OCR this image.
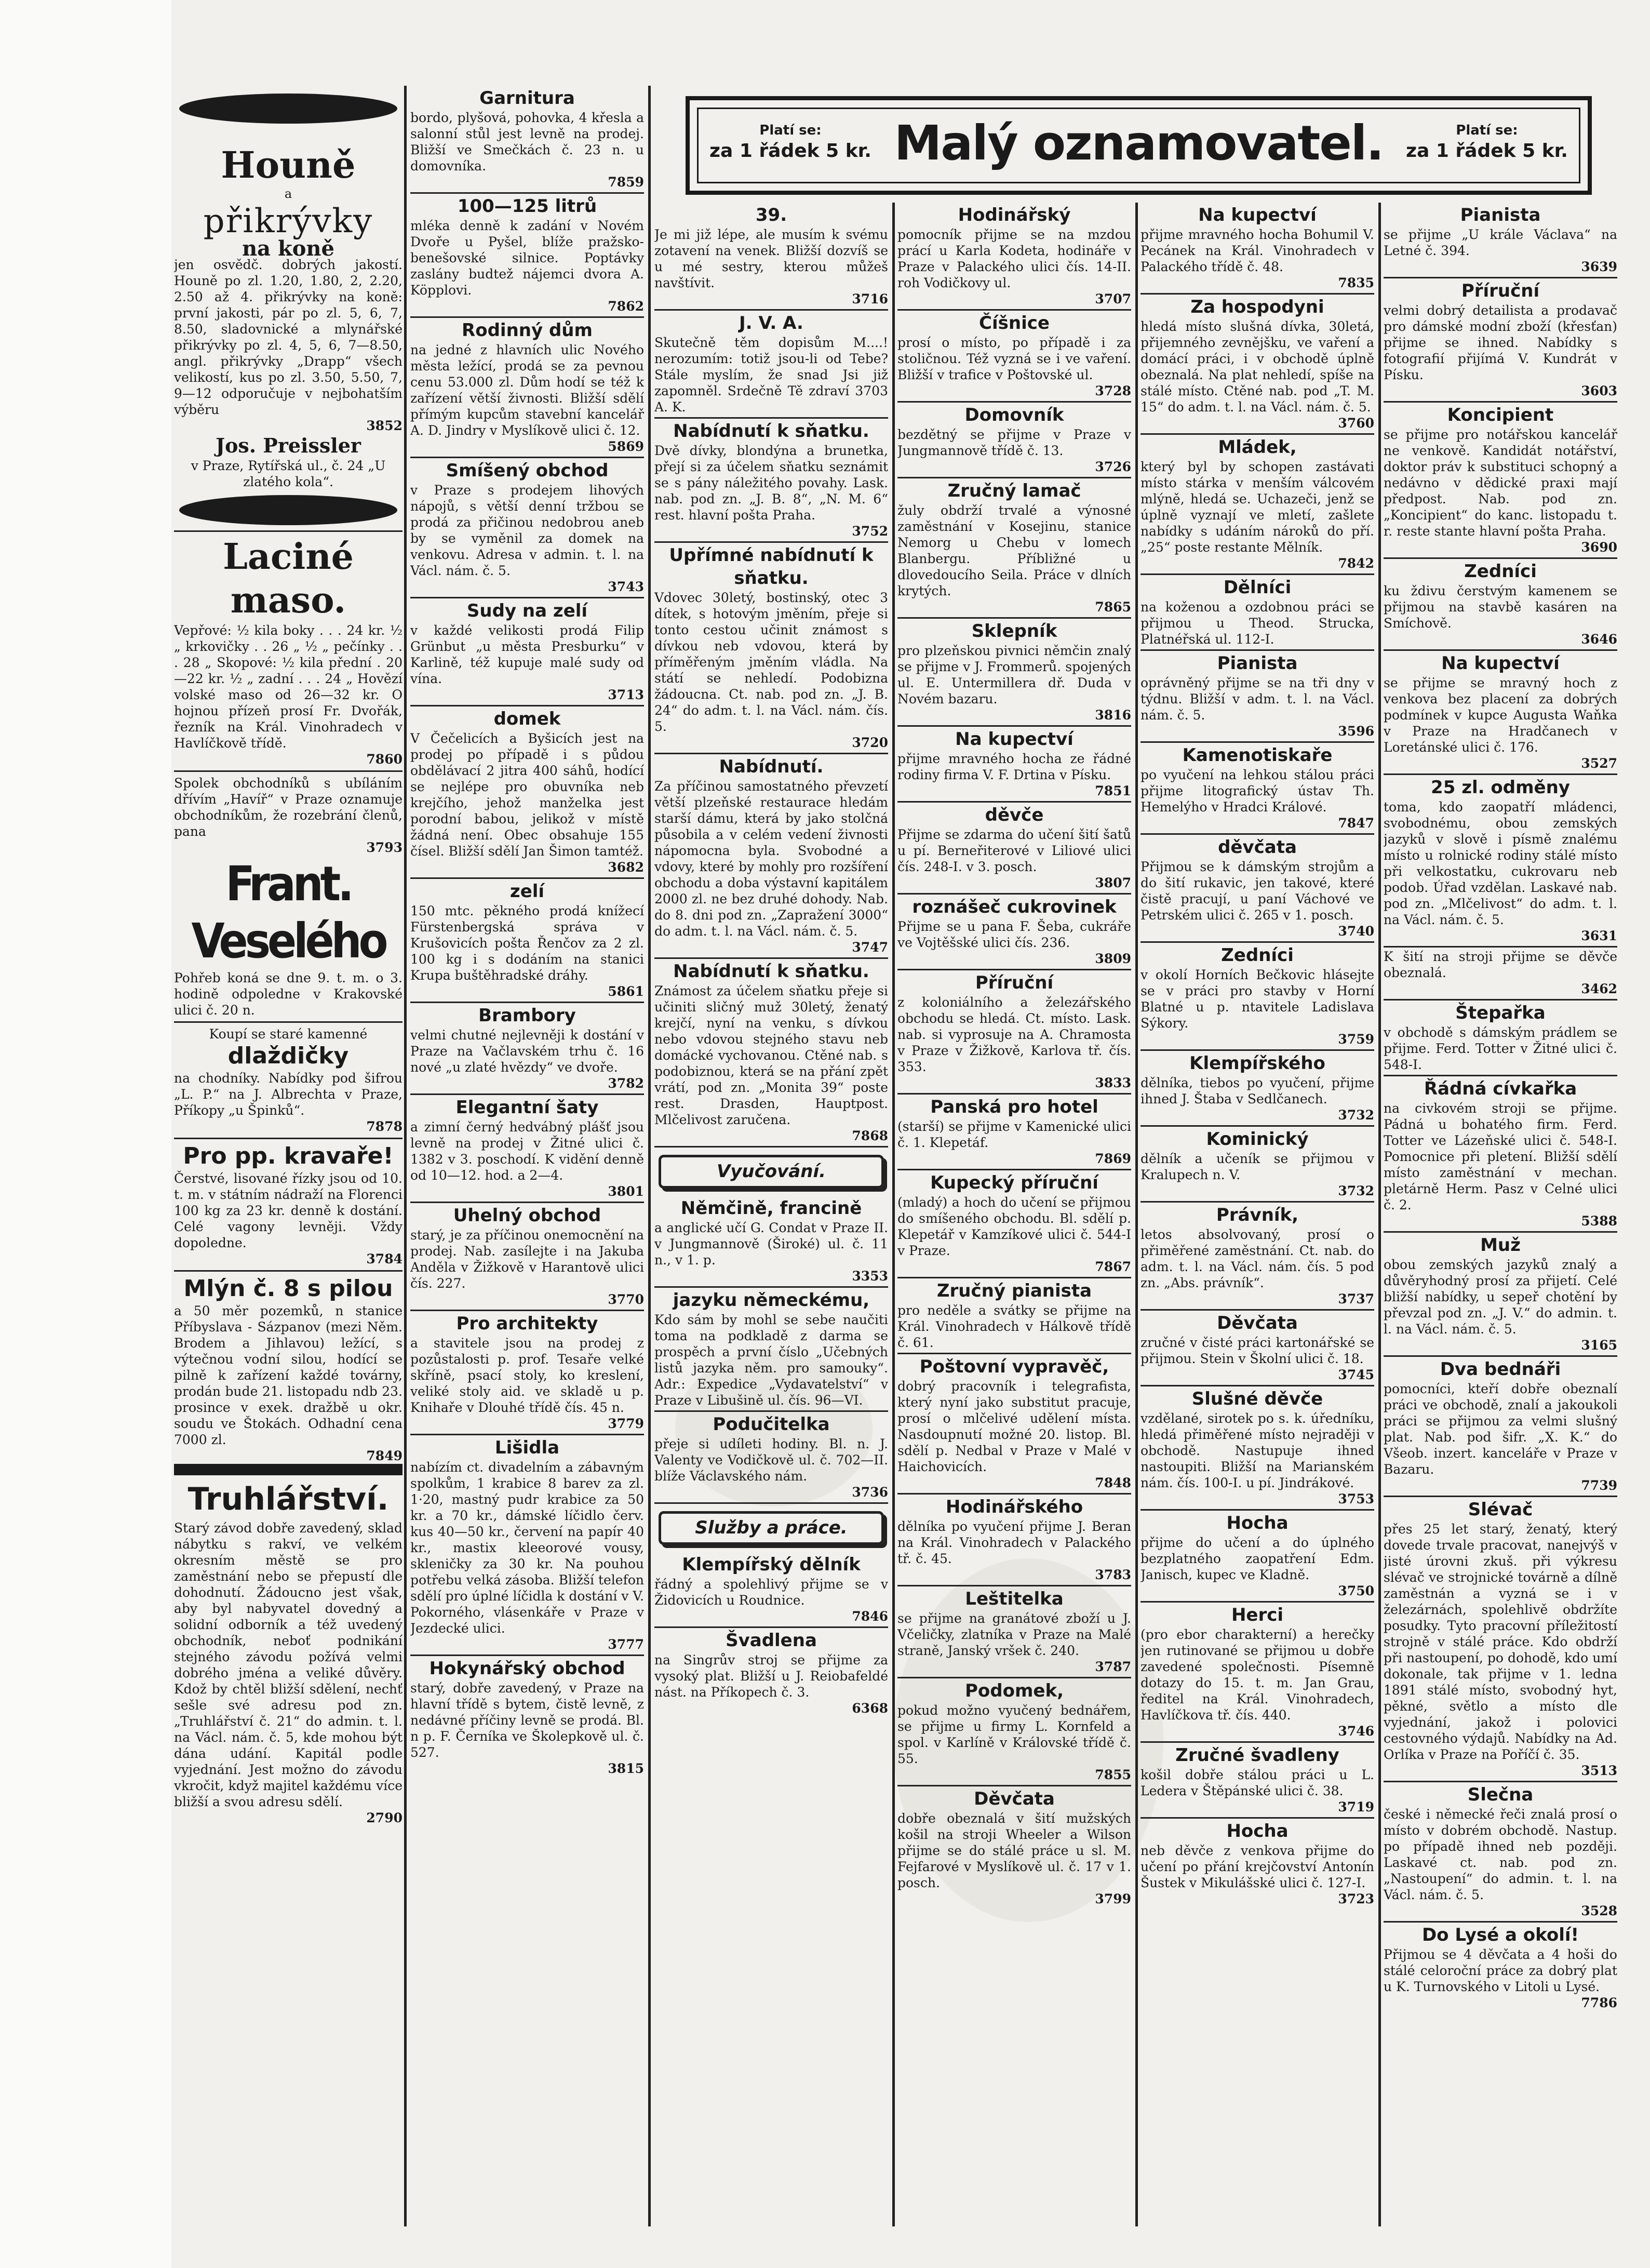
Platí se:
za 1 řádek 5 kr. Malý oznamovatel.	Platí se:
za 1 řádek 5 kr.
Houně
a
přikrývky
na koně
jen osvědč. dobrých jakostí. Houně po zl. 1.20, 1.80, 2, 2.20, 2.50 až 4. přikrývky na koně: první jakosti, pár po zl. 5, 6, 7, 8.50, sladovnické a mlynářské přikrývky po zl. 4, 5, 6, 7—8.50, angl. přikrývky „Drapp“ všech velikostí, kus po zl. 3.50, 5.50, 7, 9—12 odporučuje v nejbohatším výběru
3852
Jos. Preissler
v Praze, Rytířská ul., č. 24 „U zlatého kola“.
Laciné maso.
Vepřové: ½ kila boky . . . 24 kr. ½ „ krkovičky . . 26 „ ½ „ pečínky . . . 28 „ Skopové: ½ kila přední . 20—22 kr. ½ „ zadní . . . 24 „ Hovězí volské maso od 26—32 kr. O hojnou přízeň prosí Fr. Dvořák, řezník na Král. Vinohradech v Havlíčkově třídě.
7860
Spolek obchodníků s ubíláním dřívím „Havíř“ v Praze oznamuje obchodníkům, že rozebrání členů, pana
3793
Frant. Veselého
Pohřeb koná se dne 9. t. m. o 3. hodině odpoledne v Krakovské ulici č. 20 n.
Koupí se staré kamenné
dlaždičky
na chodníky. Nabídky pod šifrou „L. P.“ na J. Albrechta v Praze, Příkopy „u Špinků“.
7878
Pro pp. kravaře!
Čerstvé, lisované řízky jsou od 10. t. m. v státním nádraží na Florenci 100 kg za 23 kr. denně k dostání. Celé vagony levněji. Vždy dopoledne.
3784
Mlýn č. 8 s pilou
a 50 měr pozemků, n stanice Příbyslava - Sázpanov (mezi Něm. Brodem a Jihlavou) ležící, s výtečnou vodní silou, hodící se pilně k zařízení každé továrny, prodán bude 21. listopadu ndb 23. prosince v exek. dražbě u okr. soudu ve Štokách. Odhadní cena 7000 zl.
7849
Truhlářství.
Starý závod dobře zavedený, sklad nábytku s rakví, ve velkém okresním městě se pro zaměstnání nebo se přepustí dle dohodnutí. Žádoucno jest však, aby byl nabyvatel dovedný a solidní odborník a též uvedený obchodník, neboť podnikání stejného závodu požívá velmi dobrého jména a veliké důvěry. Kdož by chtěl bližší sdělení, nechť sešle své adresu pod zn. „Truhlářství č. 21“ do admin. t. l. na Václ. nám. č. 5, kde mohou být dána udání. Kapitál podle vyjednání. Jest možno do závodu vkročit, když majitel každému více bližší a svou adresu sdělí.
2790
Garnitura
bordo, plyšová, pohovka, 4 křesla a salonní stůl jest levně na prodej. Bližší ve Smečkách č. 23 n. u domovníka.
7859
100—125 litrů
mléka denně k zadání v Novém Dvoře u Pyšel, blíže pražsko-benešovské silnice. Poptávky zaslány budtež nájemci dvora A. Köpplovi.
7862
Rodinný dům
na jedné z hlavních ulic Nového města ležící, prodá se za pevnou cenu 53.000 zl. Dům hodí se též k zařízení větší živnosti. Bližší sdělí přímým kupcům stavební kancelář A. D. Jindry v Myslíkově ulici č. 12.
5869
Smíšený obchod
v Praze s prodejem lihových nápojů, s větší denní tržbou se prodá za přičinou nedobrou aneb by se vyměnil za domek na venkovu. Adresa v admin. t. l. na Václ. nám. č. 5.
3743
Sudy na zelí
v každé velikosti prodá Filip Grünbut „u města Presburku“ v Karlině, též kupuje malé sudy od vína.
3713
domek
V Čečelicích a Byšicích jest na prodej po případě i s půdou obdělávací 2 jitra 400 sáhů, hodící se nejlépe pro obuvníka neb krejčího, jehož manželka jest porodní babou, jelikož v místě žádná není. Obec obsahuje 155 čísel. Bližší sdělí Jan Šimon tamtéž.
3682
zelí
150 mtc. pěkného prodá knížecí Fürstenbergská správa v Krušovicích pošta Řenčov za 2 zl. 100 kg i s dodáním na stanici Krupa buštěhradské dráhy.
5861
Brambory
velmi chutné nejlevněji k dostání v Praze na Vačlavském trhu č. 16 nové „u zlaté hvězdy“ ve dvoře.
3782
Elegantní šaty
a zimní černý hedvábný plášť jsou levně na prodej v Žitné ulici č. 1382 v 3. poschodí. K vidění denně od 10—12. hod. a 2—4.
3801
Uhelný obchod
starý, je za příčinou onemocnění na prodej. Nab. zasílejte i na Jakuba Anděla v Žižkově v Harantově ulici čís. 227.
3770
Pro architekty
a stavitele jsou na prodej z pozůstalosti p. prof. Tesaře velké skříně, psací stoly, ko kreslení, veliké stoly aid. ve skladě u p. Knihaře v Dlouhé třídě čís. 45 n.
3779
Lišidla
nabízím ct. divadelním a zábavným spolkům, 1 krabice 8 barev za zl. 1·20, mastný pudr krabice za 50 kr. a 70 kr., dámské líčidlo červ. kus 40—50 kr., červení na papír 40 kr., mastix kleeorové vousy, skleničky za 30 kr. Na pouhou potřebu velká zásoba. Bližší telefon sdělí pro úplné líčidla k dostání v V. Pokorného, vlásenkáře v Praze v Jezdecké ulici.
3777
Hokynářský obchod
starý, dobře zavedený, v Praze na hlavní třídě s bytem, čistě levně, z nedávné příčiny levně se prodá. Bl. n p. F. Černíka ve Školepkově ul. č. 527.
3815
39.
Je mi již lépe, ale musím k svému zotavení na venek. Bližší dozvíš se u mé sestry, kterou můžeš navštívit.
3716
J. V. A.
Skutečně těm dopisům M....! nerozumím: totiž jsou-li od Tebe? Stále myslím, že snad Jsi již zapomněl. Srdečně Tě zdraví 3703 A. K.
Nabídnutí k sňatku.
Dvě dívky, blondýna a brunetka, přejí si za účelem sňatku seznámit se s pány náležitého povahy. Lask. nab. pod zn. „J. B. 8“, „N. M. 6“ rest. hlavní pošta Praha.
3752
Upřímné nabídnutí k sňatku.
Vdovec 30letý, bostinský, otec 3 dítek, s hotovým jměním, přeje si tonto cestou učinit známost s dívkou neb vdovou, která by příměřeným jměním vládla. Na státí se nehledí. Podobizna žádoucna. Ct. nab. pod zn. „J. B. 24“ do adm. t. l. na Václ. nám. čís. 5.
3720
Nabídnutí.
Za příčinou samostatného převzetí větší plzeňské restaurace hledám starší dámu, která by jako stolčná působila a v celém vedení živnosti nápomocna byla. Svobodné a vdovy, které by mohly pro rozšíření obchodu a doba výstavní kapitálem 2000 zl. ne bez druhé dohody. Nab. do 8. dni pod zn. „Zapražení 3000“ do adm. t. l. na Václ. nám. č. 5.
3747
Nabídnutí k sňatku.
Známost za účelem sňatku přeje si učiniti sličný muž 30letý, ženatý krejčí, nyní na venku, s dívkou nebo vdovou stejného stavu neb domácké vychovanou. Ctěné nab. s podobiznou, která se na přání zpět vrátí, pod zn. „Monita 39“ poste rest. Drasden, Hauptpost. Mlčelivost zaručena.
7868
Vyučování.
Němčině, francině
a anglické učí G. Condat v Praze II. v Jungmannově (Široké) ul. č. 11 n., v 1. p.
3353
jazyku německému,
Kdo sám by mohl se sebe naučiti toma na podkladě z darma se prospěch a první číslo „Učebných listů jazyka něm. pro samouky“. Adr.: Expedice „Vydavatelství“ v Praze v Libušině ul. čís. 96—VI.
Podučitelka
přeje si udíleti hodiny. Bl. n. J. Valenty ve Vodičkově ul. č. 702—II. blíže Václavského nám.
3736
Služby a práce.
Klempířský dělník
řádný a spolehlivý přijme se v Židovicích u Roudnice.
7846
Švadlena
na Singrův stroj se přijme za vysoký plat. Bližší u J. Reiobafeldé nást. na Příkopech č. 3.
6368
Hodinářský
pomocník přijme se na mzdou prácí u Karla Kodeta, hodináře v Praze v Palackého ulici čís. 14-II. roh Vodičkovy ul.
3707
Číšnice
prosí o místo, po případě i za stoličnou. Též vyzná se i ve vaření. Bližší v trafice v Poštovské ul.
3728
Domovník
bezdětný se přijme v Praze v Jungmannově třídě č. 13.
3726
Zručný lamač
žuly obdrží trvalé a výnosné zaměstnání v Kosejinu, stanice Nemorg u Chebu v lomech Blanbergu. Příbližné u dlovedoucího Seila. Práce v dlních krytých.
7865
Sklepník
pro plzeňskou pivnici němčin znalý se přijme v J. Frommerů. spojených ul. E. Untermillera dř. Duda v Novém bazaru.
3816
Na kupectví
přijme mravného hocha ze řádné rodiny firma V. F. Drtina v Písku.
7851
děvče
Přijme se zdarma do učení šití šatů u pí. Berneřiterové v Liliové ulici čís. 248-I. v 3. posch.
3807
roznášeč cukrovinek
Přijme se u pana F. Šeba, cukráře ve Vojtěšské ulici čís. 236.
3809
Příruční
z koloniálního a železářského obchodu se hledá. Ct. místo. Lask. nab. si vyprosuje na A. Chramosta v Praze v Žižkově, Karlova tř. čís. 353.
3833
Panská pro hotel
(starší) se přijme v Kamenické ulici č. 1. Klepetáf.
7869
Kupecký příruční
(mladý) a hoch do učení se přijmou do smíšeného obchodu. Bl. sdělí p. Klepetář v Kamzíkové ulici č. 544-I v Praze.
7867
Zručný pianista
pro neděle a svátky se přijme na Král. Vinohradech v Hálkově třídě č. 61.
Poštovní vypravěč,
dobrý pracovník i telegrafista, který nyní jako substitut pracuje, prosí o mlčelivé udělení místa. Nasdoupnutí možné 20. listop. Bl. sdělí p. Nedbal v Praze v Malé v Haichovicích.
7848
Hodinářského
dělníka po vyučení přijme J. Beran na Král. Vinohradech v Palackého tř. č. 45.
3783
Leštitelka
se přijme na granátové zboží u J. Včeličky, zlatníka v Praze na Malé straně, Janský vršek č. 240.
3787
Podomek,
pokud možno vyučený bednářem, se přijme u firmy L. Kornfeld a spol. v Karlíně v Královské třídě č. 55.
7855
Děvčata
dobře obeznalá v šití mužských košil na stroji Wheeler a Wilson přijme se do stálé práce u sl. M. Fejfarové v Myslíkově ul. č. 17 v 1. posch.
3799
Na kupectví
přijme mravného hocha Bohumil V. Pecánek na Král. Vinohradech v Palackého třídě č. 48.
7835
Za hospodyni
hledá místo slušná dívka, 30letá, přijemného zevnějšku, ve vaření a domácí práci, i v obchodě úplně obeznalá. Na plat nehledí, spíše na stálé místo. Ctěné nab. pod „T. M. 15“ do adm. t. l. na Václ. nám. č. 5.
3760
Mládek,
který byl by schopen zastávati místo stárka v menším válcovém mlýně, hledá se. Uchazeči, jenž se úplně vyznají ve mletí, zašlete nabídky s udáním nároků do pří. „25“ poste restante Mělník.
7842
Dělníci
na koženou a ozdobnou práci se přijmou u Theod. Strucka, Platnéřská ul. 112-I.
Pianista
oprávněný přijme se na tři dny v týdnu. Bližší v adm. t. l. na Václ. nám. č. 5.
3596
Kamenotiskaře
po vyučení na lehkou stálou práci přijme litografický ústav Th. Hemelýho v Hradci Králové.
7847
děvčata
Přijmou se k dámským strojům a do šití rukavic, jen takové, které čistě pracují, u paní Váchové ve Petrském ulici č. 265 v 1. posch.
3740
Zedníci
v okolí Horních Bečkovic hlásejte se v práci pro stavby v Horní Blatné u p. ntavitele Ladislava Sýkory.
3759
Klempířského
dělníka, tiebos po vyučení, přijme ihned J. Štaba v Sedlčanech.
3732
Kominický
dělník a učeník se přijmou v Kralupech n. V.
3732
Právník,
letos absolvovaný, prosí o přiměřené zaměstnání. Ct. nab. do adm. t. l. na Václ. nám. čís. 5 pod zn. „Abs. právník“.
3737
Děvčata
zručné v čisté práci kartonářské se přijmou. Stein v Školní ulici č. 18.
3745
Slušné děvče
vzdělané, sirotek po s. k. úředníku, hledá přiměřené místo nejraději v obchodě. Nastupuje ihned nastoupiti. Bližší na Marianském nám. čís. 100-I. u pí. Jindrákové.
3753
Hocha
přijme do učení a do úplného bezplatného zaopatření Edm. Janisch, kupec ve Kladně.
3750
Herci
(pro ebor charakterní) a herečky jen rutinované se přijmou u dobře zavedené společnosti. Písemně dotazy do 15. t. m. Jan Grau, ředitel na Král. Vinohradech, Havlíčkova tř. čís. 440.
3746
Zručné švadleny
košil dobře stálou práci u L. Ledera v Štěpánské ulici č. 38.
3719
Hocha
neb děvče z venkova přijme do učení po přání krejčovství Antonín Šustek v Mikulášské ulici č. 127-I.
3723
Pianista
se přijme „U krále Václava“ na Letné č. 394.
3639
Příruční
velmi dobrý detailista a prodavač pro dámské modní zboží (křesťan) přijme se ihned. Nabídky s fotografií přijímá V. Kundrát v Písku.
3603
Koncipient
se přijme pro notářskou kancelář ne venkově. Kandidát notářství, doktor práv k substituci schopný a nedávno v dědické praxi mají předpost. Nab. pod zn. „Koncipient“ do kanc. listopadu t. r. reste stante hlavní pošta Praha.
3690
Zedníci
ku ždivu čerstvým kamenem se přijmou na stavbě kasáren na Smíchově.
3646
Na kupectví
se přijme se mravný hoch z venkova bez placení za dobrých podmínek v kupce Augusta Waňka v Praze na Hradčanech v Loretánské ulici č. 176.
3527
25 zl. odměny
toma, kdo zaopatří mládenci, svobodnému, obou zemských jazyků v slově i písmě znalému místo u rolnické rodiny stálé místo při velkostatku, cukrovaru neb podob. Úřad vzdělan. Laskavé nab. pod zn. „Mlčelivost“ do adm. t. l. na Václ. nám. č. 5.
3631
K šití na stroji přijme se děvče obeznalá.
3462
Štepařka
v obchodě s dámským prádlem se přijme. Ferd. Totter v Žitné ulici č. 548-I.
Řádná cívkařka
na civkovém stroji se přijme. Pádná u bohatého firm. Ferd. Totter ve Lázeňské ulici č. 548-I. Pomocnice při pletení. Bližší sdělí místo zaměstnání v mechan. pletárně Herm. Pasz v Celné ulici č. 2.
5388
Muž
obou zemských jazyků znalý a důvěryhodný prosí za přijetí. Celé bližší nabídky, u sepeř chotění by převzal pod zn. „J. V.“ do admin. t. l. na Václ. nám. č. 5.
3165
Dva bednáři
pomocníci, kteří dobře obeznalí práci ve obchodě, znalí a jakoukoli práci se přijmou za velmi slušný plat. Nab. pod šifr. „X. K.“ do Všeob. inzert. kanceláře v Praze v Bazaru.
7739
Slévač
přes 25 let starý, ženatý, který dovede trvale pracovat, nanejvýš v jisté úrovni zkuš. při výkresu slévač ve strojnické továrně a dílně zaměstnán a vyzná se i v železárnách, spolehlivě obdržíte posudky. Tyto pracovní příležitostí strojně v stálé práce. Kdo obdrží při nastoupení, po dohodě, kdo umí dokonale, tak přijme v 1. ledna 1891 stálé místo, svobodný hyt, pěkné, světlo a místo dle vyjednání, jakož i polovici cestovného výdajů. Nabídky na Ad. Orlíka v Praze na Poříčí č. 35.
3513
Slečna
české i německé řeči znalá prosí o místo v dobrém obchodě. Nastup. po případě ihned neb později. Laskavé ct. nab. pod zn. „Nastoupení“ do admin. t. l. na Václ. nám. č. 5.
3528
Do Lysé a okolí!
Přijmou se 4 děvčata a 4 hoši do stálé celoroční práce za dobrý plat u K. Turnovského v Litoli u Lysé.
7786
